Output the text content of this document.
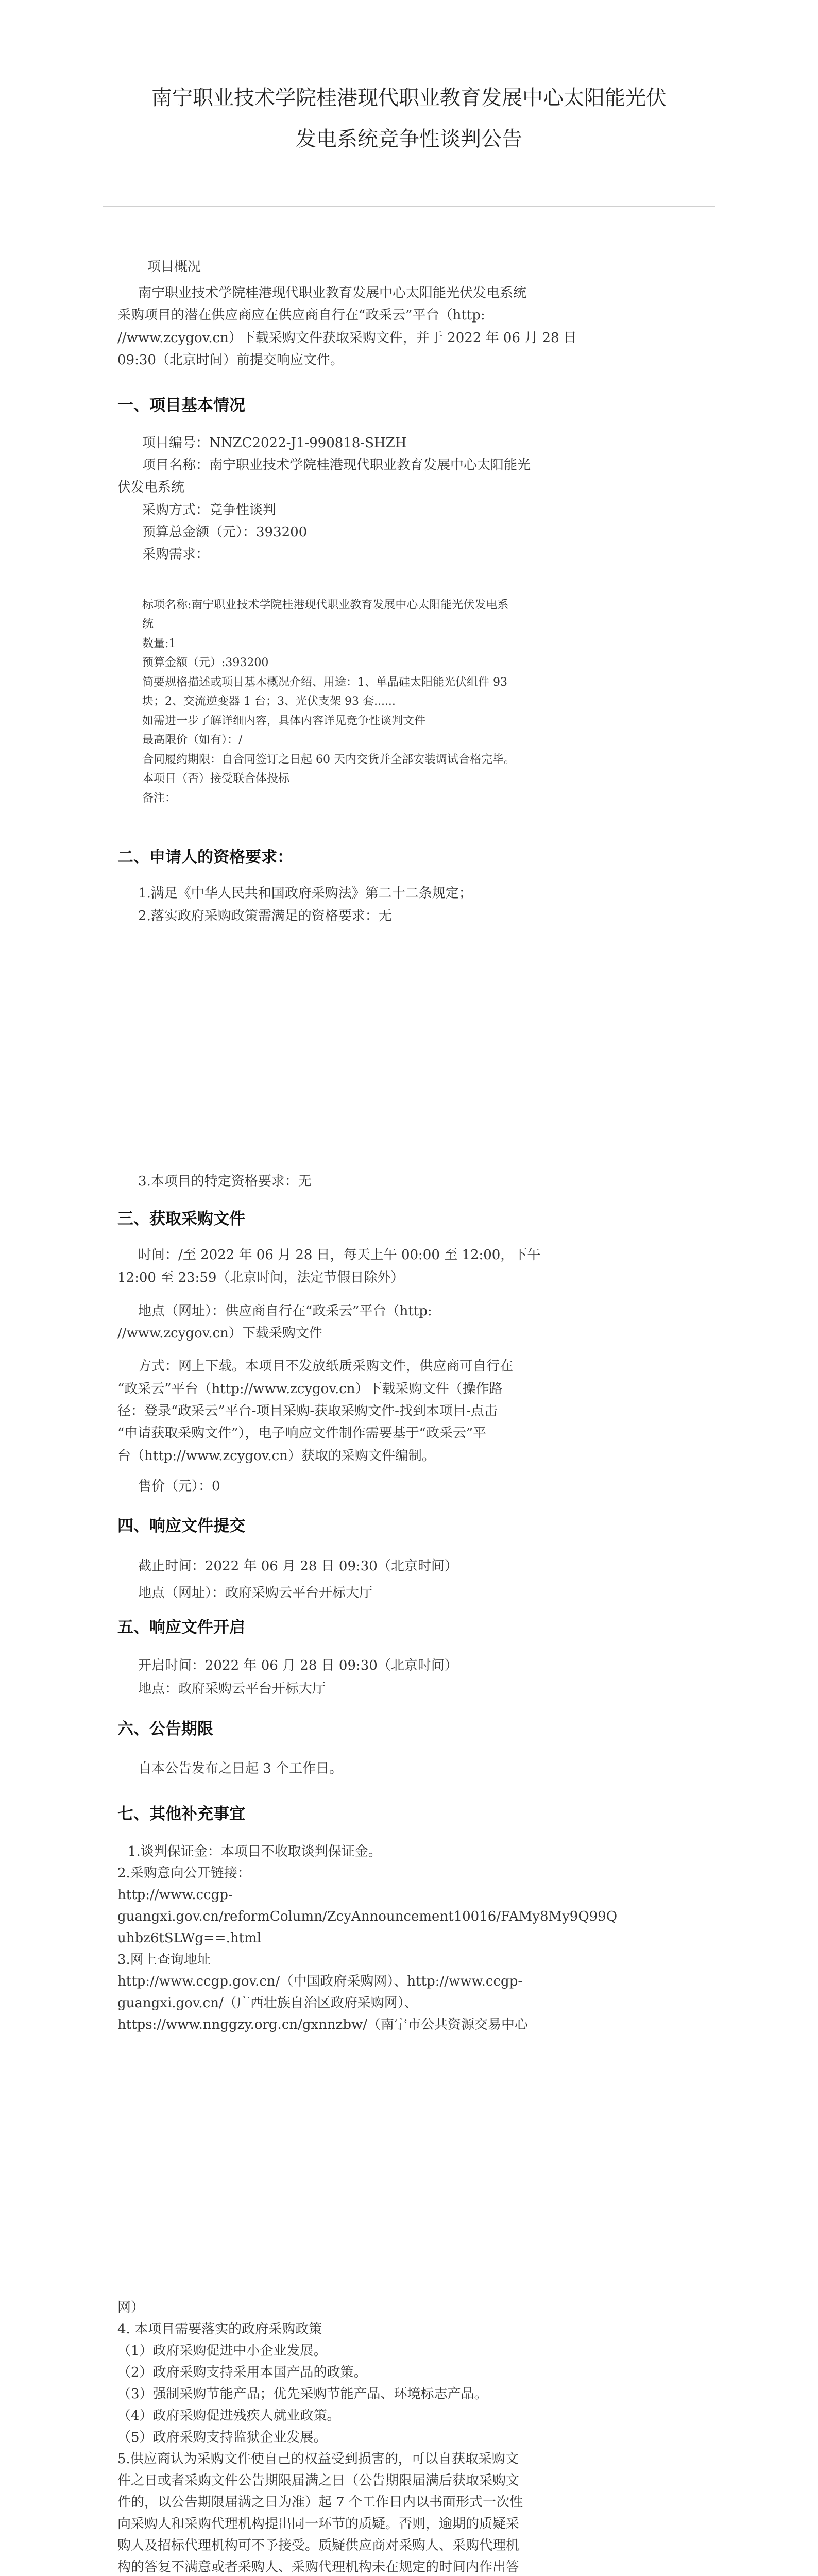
南宁职业技术学院桂港现代职业教育发展中心太阳能光伏
发电系统竞争性谈判公告
项目概况
南宁职业技术学院桂港现代职业教育发展中心太阳能光伏发电系统
采购项目的潜在供应商应在供应商自行在“政采云”平台（http:
//www.zcygov.cn）下载采购文件获取采购文件，并于 2022 年 06 月 28 日
09:30（北京时间）前提交响应文件。
一、项目基本情况
项目编号：NNZC2022-J1-990818-SHZH
项目名称：南宁职业技术学院桂港现代职业教育发展中心太阳能光
伏发电系统
采购方式：竞争性谈判
预算总金额（元）：393200
采购需求：
标项名称:南宁职业技术学院桂港现代职业教育发展中心太阳能光伏发电系
统
数量:1
预算金额（元）:393200
简要规格描述或项目基本概况介绍、用途：1、单晶硅太阳能光伏组件 93
块；2、交流逆变器 1 台；3、光伏支架 93 套......
如需进一步了解详细内容，具体内容详见竞争性谈判文件
最高限价（如有）：/
合同履约期限：自合同签订之日起 60 天内交货并全部安装调试合格完毕。
本项目（否）接受联合体投标
备注：
二、申请人的资格要求：
1.满足《中华人民共和国政府采购法》第二十二条规定；
2.落实政府采购政策需满足的资格要求：无
3.本项目的特定资格要求：无
三、获取采购文件
时间：/至 2022 年 06 月 28 日，每天上午 00:00 至 12:00，下午
12:00 至 23:59（北京时间，法定节假日除外）
地点（网址）：供应商自行在“政采云”平台（http:
//www.zcygov.cn）下载采购文件
方式：网上下载。本项目不发放纸质采购文件，供应商可自行在
“政采云”平台（http://www.zcygov.cn）下载采购文件（操作路
径：登录“政采云”平台-项目采购-获取采购文件-找到本项目-点击
“申请获取采购文件”），电子响应文件制作需要基于“政采云”平
台（http://www.zcygov.cn）获取的采购文件编制。
售价（元）：0
四、响应文件提交
截止时间：2022 年 06 月 28 日 09:30（北京时间）
地点（网址）：政府采购云平台开标大厅
五、响应文件开启
开启时间：2022 年 06 月 28 日 09:30（北京时间）
地点：政府采购云平台开标大厅
六、公告期限
自本公告发布之日起 3 个工作日。
七、其他补充事宜
1.谈判保证金：本项目不收取谈判保证金。
2.采购意向公开链接：
http://www.ccgp-
guangxi.gov.cn/reformColumn/ZcyAnnouncement10016/FAMy8My9Q99Q
uhbz6tSLWg==.html
3.网上查询地址
http://www.ccgp.gov.cn/（中国政府采购网）、http://www.ccgp-
guangxi.gov.cn/（广西壮族自治区政府采购网）、
https://www.nnggzy.org.cn/gxnnzbw/（南宁市公共资源交易中心
网）
4. 本项目需要落实的政府采购政策
（1）政府采购促进中小企业发展。
（2）政府采购支持采用本国产品的政策。
（3）强制采购节能产品；优先采购节能产品、环境标志产品。
（4）政府采购促进残疾人就业政策。
（5）政府采购支持监狱企业发展。
5.供应商认为采购文件使自己的权益受到损害的，可以自获取采购文
件之日或者采购文件公告期限届满之日（公告期限届满后获取采购文
件的，以公告期限届满之日为准）起 7 个工作日内以书面形式一次性
向采购人和采购代理机构提出同一环节的质疑。否则，逾期的质疑采
购人及招标代理机构可不予接受。质疑供应商对采购人、采购代理机
构的答复不满意或者采购人、采购代理机构未在规定的时间内作出答
